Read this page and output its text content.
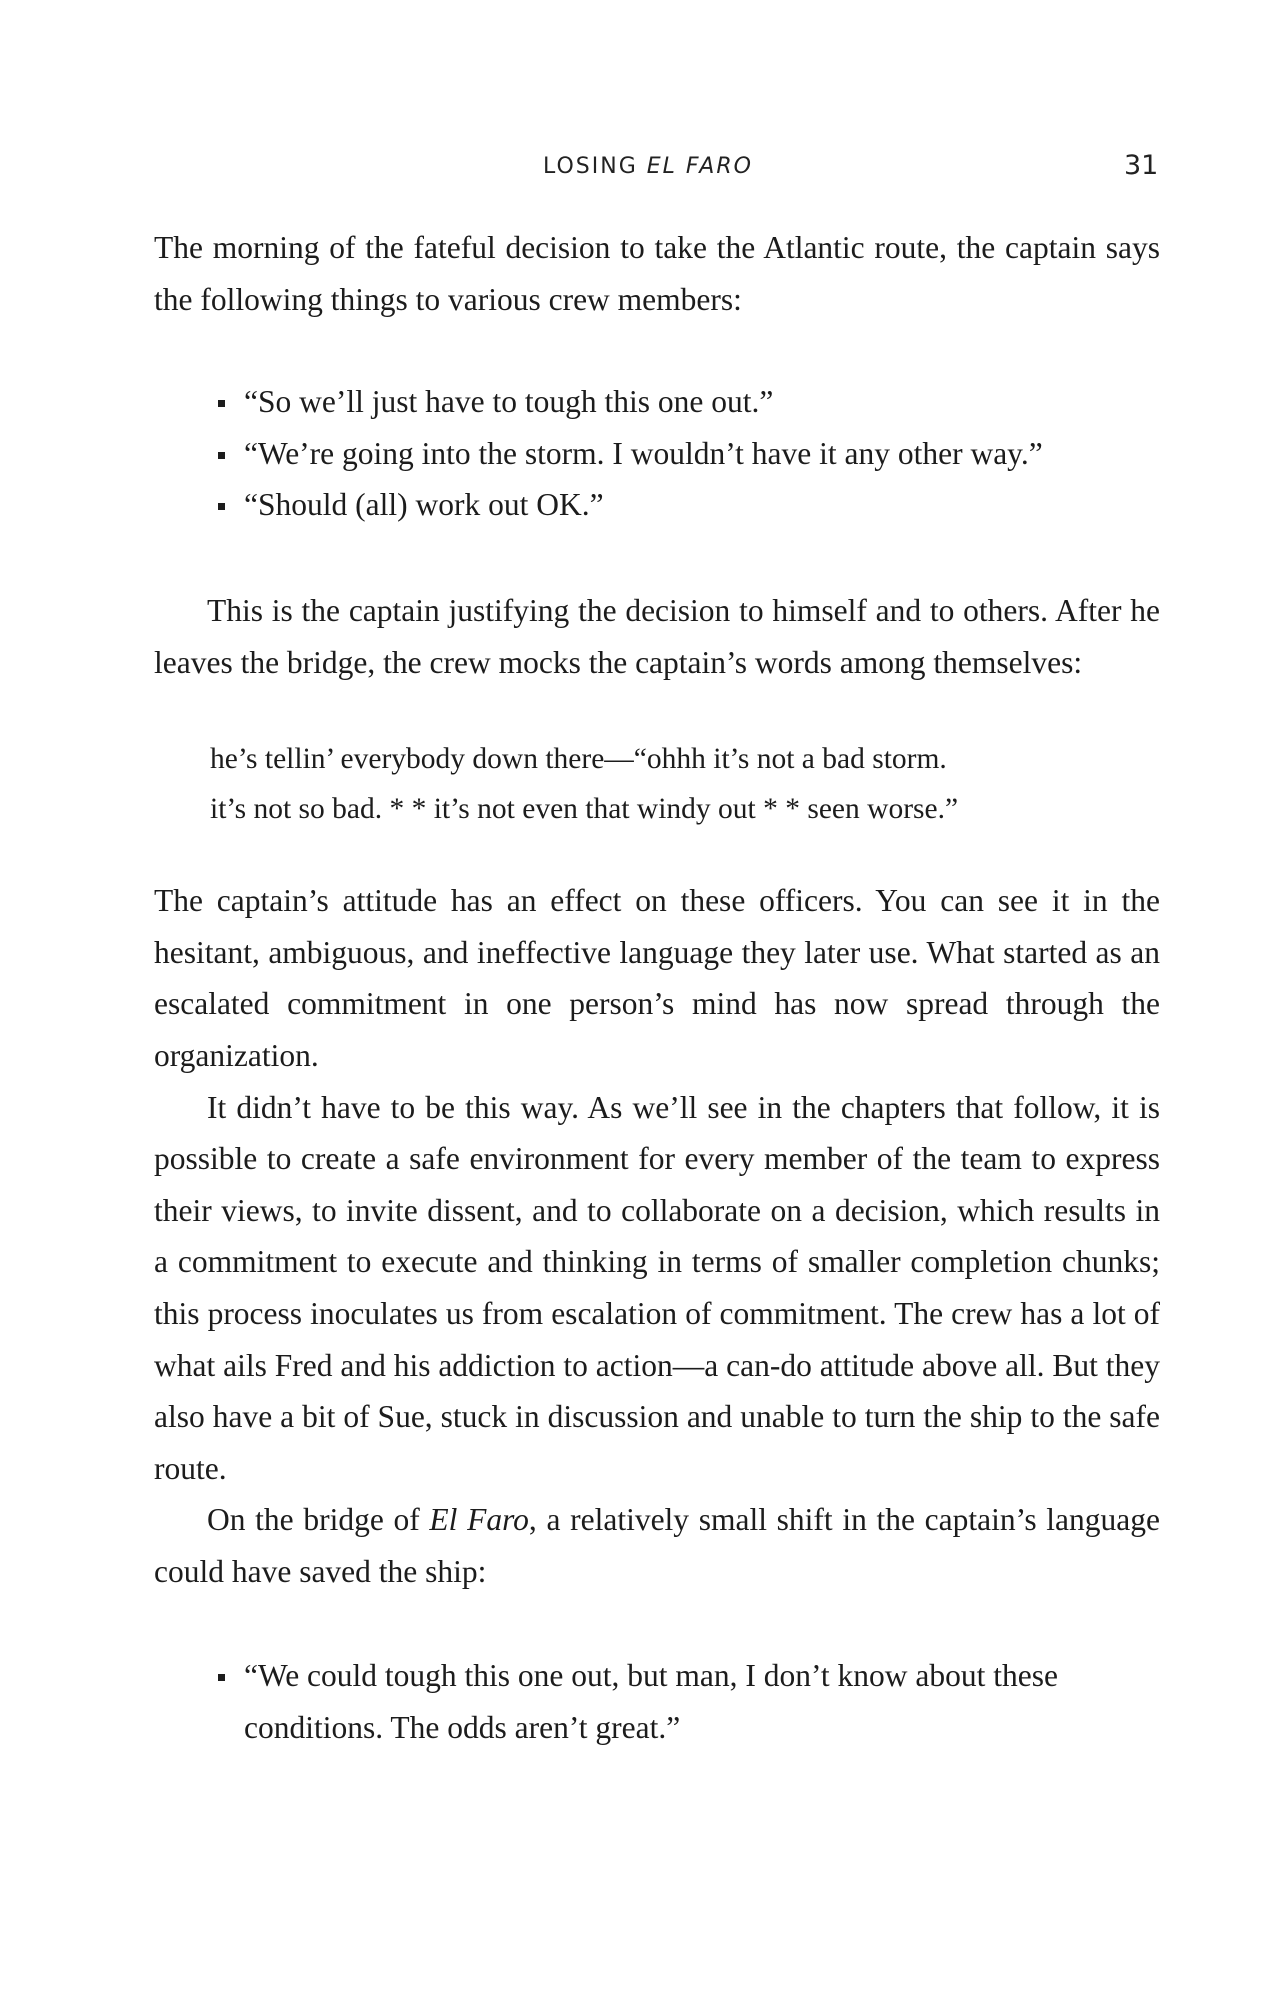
LOSING EL FARO	31

The morning of the fateful decision to take the Atlantic route, the captain says the following things to various crew members:

“So we’ll just have to tough this one out.”
“We’re going into the storm. I wouldn’t have it any other way.”
“Should (all) work out OK.”

This is the captain justifying the decision to himself and to others. After he leaves the bridge, the crew mocks the captain’s words among themselves:

he’s tellin’ everybody down there—“ohhh it’s not a bad storm.
it’s not so bad. * * it’s not even that windy out * * seen worse.”

The captain’s attitude has an effect on these officers. You can see it in the hesitant, ambiguous, and ineffective language they later use. What started as an escalated commitment in one person’s mind has now spread through the organization.

It didn’t have to be this way. As we’ll see in the chapters that follow, it is possible to create a safe environment for every member of the team to express their views, to invite dissent, and to collaborate on a decision, which results in a commitment to execute and thinking in terms of smaller completion chunks; this process inoculates us from escalation of commitment. The crew has a lot of what ails Fred and his addiction to action—a can-do attitude above all. But they also have a bit of Sue, stuck in discussion and unable to turn the ship to the safe route.

On the bridge of El Faro, a relatively small shift in the captain’s language could have saved the ship:

“We could tough this one out, but man, I don’t know about these conditions. The odds aren’t great.”
